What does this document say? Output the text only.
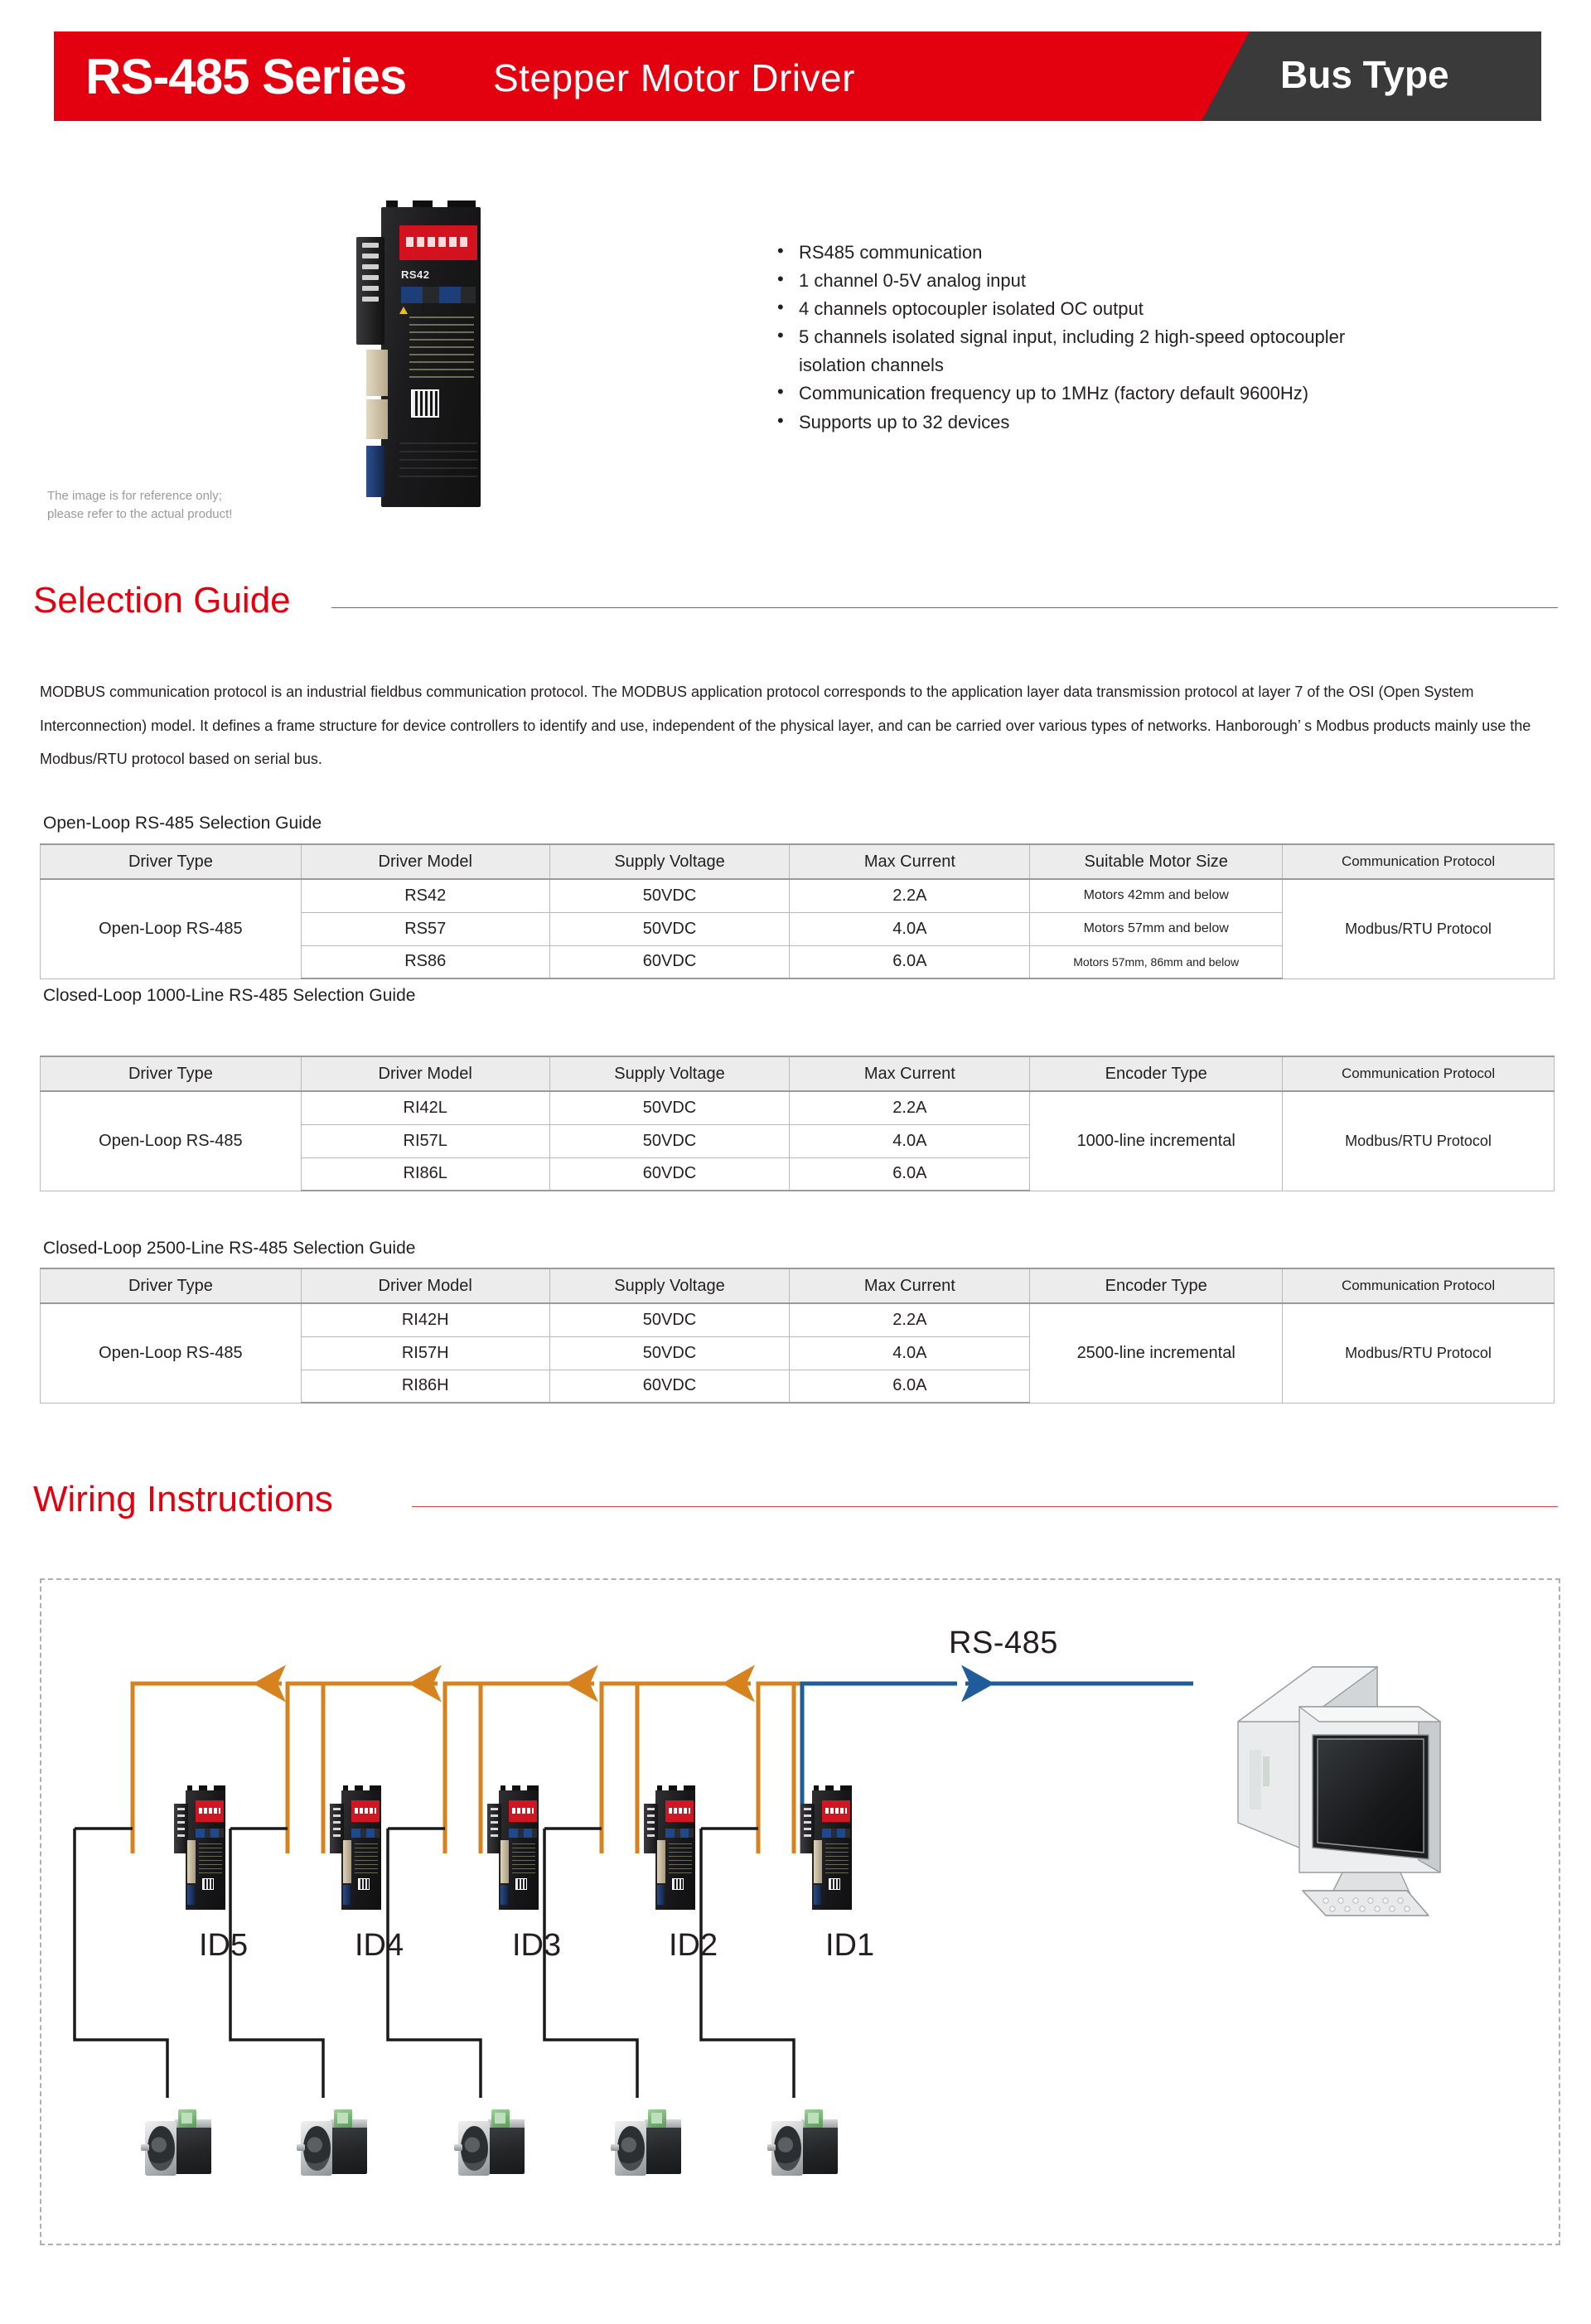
RS-485 Series Stepper Motor Driver	Bus Type
RS42
The image is for reference only;
please refer to the actual product!
• RS485 communication
• 1 channel 0-5V analog input
• 4 channels optocoupler isolated OC output
• 5 channels isolated signal input, including 2 high-speed optocoupler isolation channels
• Communication frequency up to 1MHz (factory default 9600Hz)
• Supports up to 32 devices
Selection Guide
MODBUS communication protocol is an industrial fieldbus communication protocol. The MODBUS application protocol corresponds to the application layer data transmission protocol at layer 7 of the OSI (Open System Interconnection) model. It defines a frame structure for device controllers to identify and use, independent of the physical layer, and can be carried over various types of networks. Hanborough’ s Modbus products mainly use the Modbus/RTU protocol based on serial bus.
Open-Loop RS-485 Selection Guide
Driver Type	Driver Model	Supply Voltage	Max Current	Suitable Motor Size	Communication Protocol
Open-Loop RS-485	RS42	50VDC	2.2A	Motors 42mm and below	Modbus/RTU Protocol
	RS57	50VDC	4.0A	Motors 57mm and below	
	RS86	60VDC	6.0A	Motors 57mm, 86mm and below	
Closed-Loop 1000-Line RS-485 Selection Guide
Driver Type	Driver Model	Supply Voltage	Max Current	Encoder Type	Communication Protocol
Open-Loop RS-485	RI42L	50VDC	2.2A	1000-line incremental	Modbus/RTU Protocol
	RI57L	50VDC	4.0A		
	RI86L	60VDC	6.0A		
Closed-Loop 2500-Line RS-485 Selection Guide
Driver Type	Driver Model	Supply Voltage	Max Current	Encoder Type	Communication Protocol
Open-Loop RS-485	RI42H	50VDC	2.2A	2500-line incremental	Modbus/RTU Protocol
	RI57H	50VDC	4.0A		
	RI86H	60VDC	6.0A		
Wiring Instructions
RS-485
ID5	ID4	ID3	ID2	ID1
